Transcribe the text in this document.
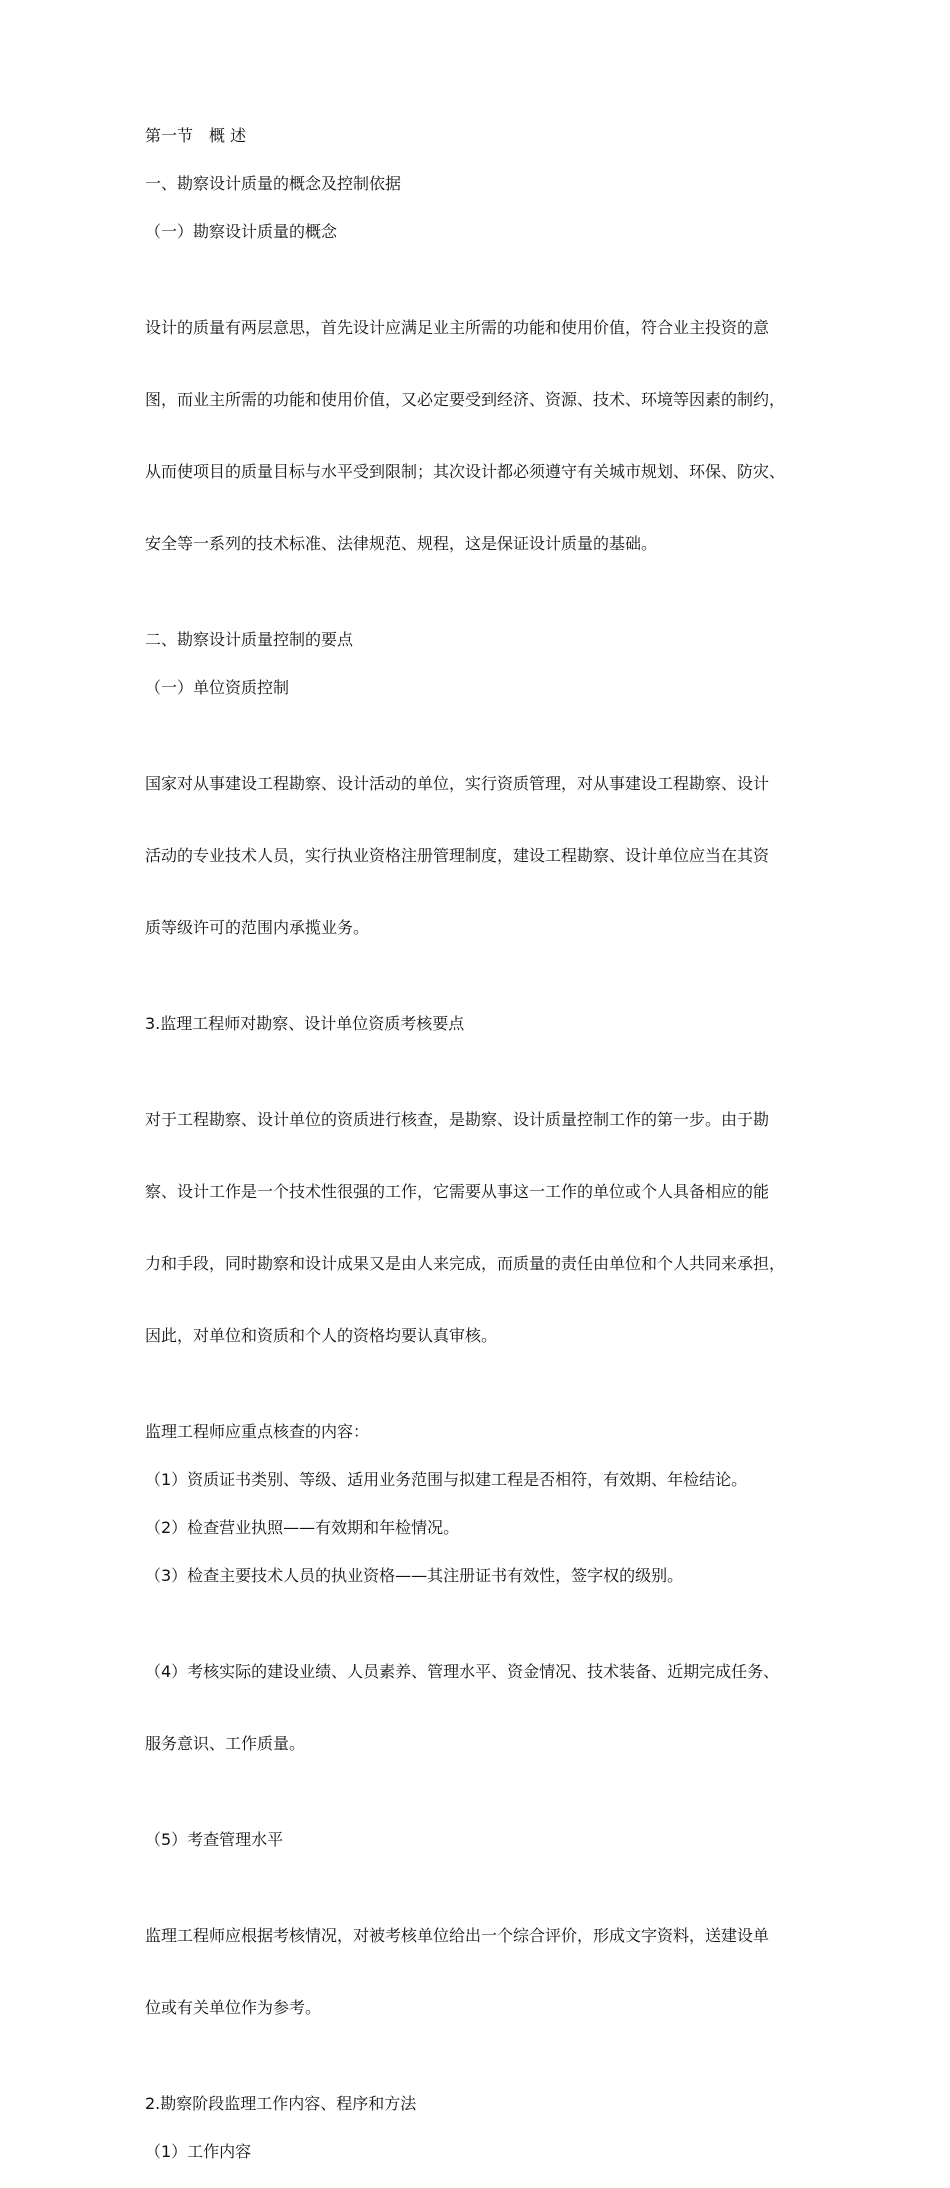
第一节　概 述

一、勘察设计质量的概念及控制依据

（一）勘察设计质量的概念

设计的质量有两层意思，首先设计应满足业主所需的功能和使用价值，符合业主投资的意

图，而业主所需的功能和使用价值，又必定要受到经济、资源、技术、环境等因素的制约，

从而使项目的质量目标与水平受到限制；其次设计都必须遵守有关城市规划、环保、防灾、

安全等一系列的技术标准、法律规范、规程，这是保证设计质量的基础。

二、勘察设计质量控制的要点

（一）单位资质控制

国家对从事建设工程勘察、设计活动的单位，实行资质管理，对从事建设工程勘察、设计

活动的专业技术人员，实行执业资格注册管理制度，建设工程勘察、设计单位应当在其资

质等级许可的范围内承揽业务。

3.监理工程师对勘察、设计单位资质考核要点

对于工程勘察、设计单位的资质进行核查，是勘察、设计质量控制工作的第一步。由于勘

察、设计工作是一个技术性很强的工作，它需要从事这一工作的单位或个人具备相应的能

力和手段，同时勘察和设计成果又是由人来完成，而质量的责任由单位和个人共同来承担，

因此，对单位和资质和个人的资格均要认真审核。

监理工程师应重点核查的内容：

（1）资质证书类别、等级、适用业务范围与拟建工程是否相符，有效期、年检结论。

（2）检查营业执照——有效期和年检情况。

（3）检查主要技术人员的执业资格——其注册证书有效性，签字权的级别。

（4）考核实际的建设业绩、人员素养、管理水平、资金情况、技术装备、近期完成任务、

服务意识、工作质量。

（5）考查管理水平

监理工程师应根据考核情况，对被考核单位给出一个综合评价，形成文字资料，送建设单

位或有关单位作为参考。

2.勘察阶段监理工作内容、程序和方法

（1）工作内容
